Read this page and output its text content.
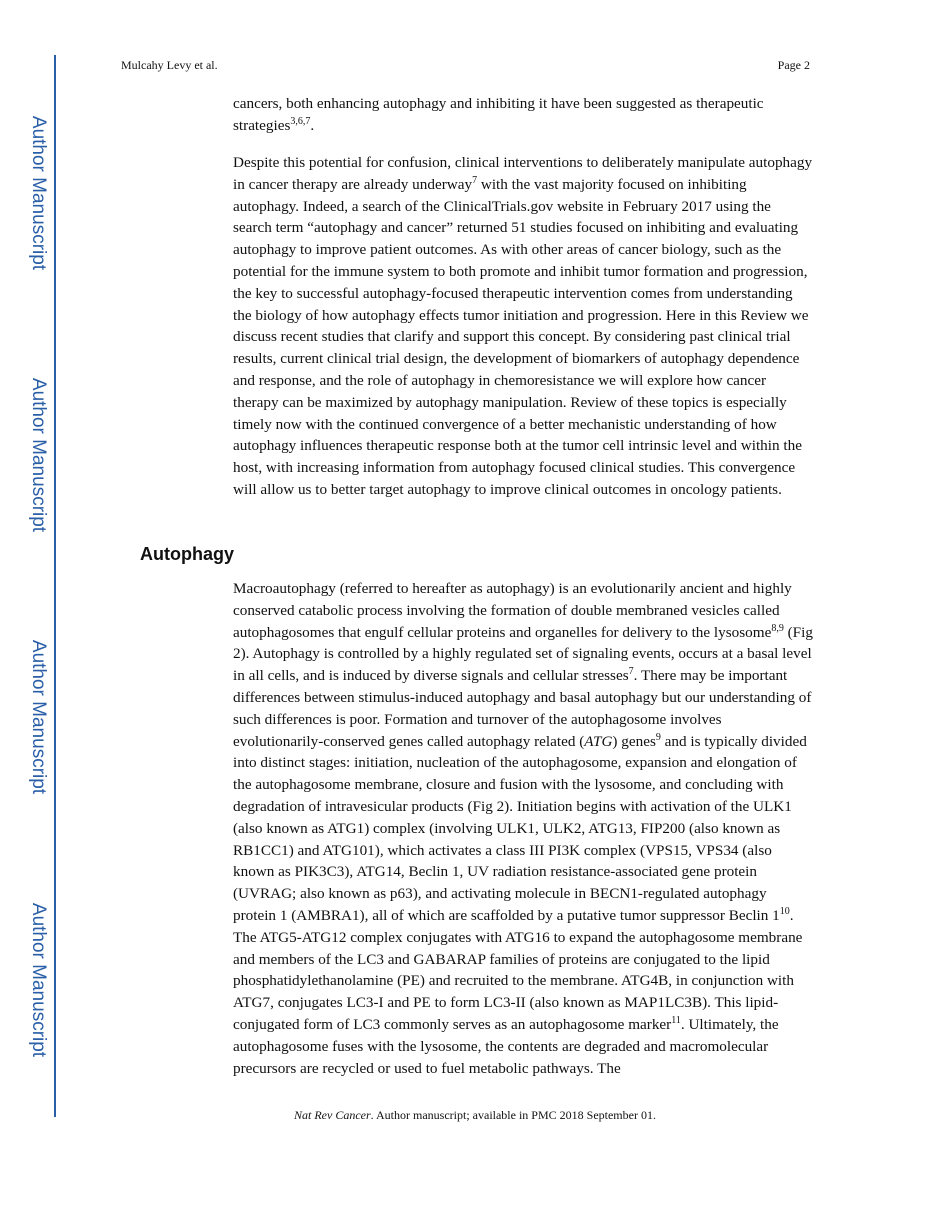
Author Manuscript
Author Manuscript
Author Manuscript
Author Manuscript
Mulcahy Levy et al.	Page 2

cancers, both enhancing autophagy and inhibiting it have been suggested as therapeutic strategies$^{3,6,7}$.

Despite this potential for confusion, clinical interventions to deliberately manipulate autophagy in cancer therapy are already underway$^7$ with the vast majority focused on inhibiting autophagy. Indeed, a search of the ClinicalTrials.gov website in February 2017 using the search term “autophagy and cancer” returned 51 studies focused on inhibiting and evaluating autophagy to improve patient outcomes. As with other areas of cancer biology, such as the potential for the immune system to both promote and inhibit tumor formation and progression, the key to successful autophagy-focused therapeutic intervention comes from understanding the biology of how autophagy effects tumor initiation and progression. Here in this Review we discuss recent studies that clarify and support this concept. By considering past clinical trial results, current clinical trial design, the development of biomarkers of autophagy dependence and response, and the role of autophagy in chemoresistance we will explore how cancer therapy can be maximized by autophagy manipulation. Review of these topics is especially timely now with the continued convergence of a better mechanistic understanding of how autophagy influences therapeutic response both at the tumor cell intrinsic level and within the host, with increasing information from autophagy focused clinical studies. This convergence will allow us to better target autophagy to improve clinical outcomes in oncology patients.

Autophagy

Macroautophagy (referred to hereafter as autophagy) is an evolutionarily ancient and highly conserved catabolic process involving the formation of double membraned vesicles called autophagosomes that engulf cellular proteins and organelles for delivery to the lysosome$^{8,9}$ (Fig 2). Autophagy is controlled by a highly regulated set of signaling events, occurs at a basal level in all cells, and is induced by diverse signals and cellular stresses$^7$. There may be important differences between stimulus-induced autophagy and basal autophagy but our understanding of such differences is poor. Formation and turnover of the autophagosome involves evolutionarily-conserved genes called autophagy related (ATG) genes$^9$ and is typically divided into distinct stages: initiation, nucleation of the autophagosome, expansion and elongation of the autophagosome membrane, closure and fusion with the lysosome, and concluding with degradation of intravesicular products (Fig 2). Initiation begins with activation of the ULK1 (also known as ATG1) complex (involving ULK1, ULK2, ATG13, FIP200 (also known as RB1CC1) and ATG101), which activates a class III PI3K complex (VPS15, VPS34 (also known as PIK3C3), ATG14, Beclin 1, UV radiation resistance-associated gene protein (UVRAG; also known as p63), and activating molecule in BECN1-regulated autophagy protein 1 (AMBRA1), all of which are scaffolded by a putative tumor suppressor Beclin $1^{10}$. The ATG5-ATG12 complex conjugates with ATG16 to expand the autophagosome membrane and members of the LC3 and GABARAP families of proteins are conjugated to the lipid phosphatidylethanolamine (PE) and recruited to the membrane. ATG4B, in conjunction with ATG7, conjugates LC3-I and PE to form LC3-II (also known as MAP1LC3B). This lipid-conjugated form of LC3 commonly serves as an autophagosome marker$^{11}$. Ultimately, the autophagosome fuses with the lysosome, the contents are degraded and macromolecular precursors are recycled or used to fuel metabolic pathways. The

Nat Rev Cancer. Author manuscript; available in PMC 2018 September 01.
